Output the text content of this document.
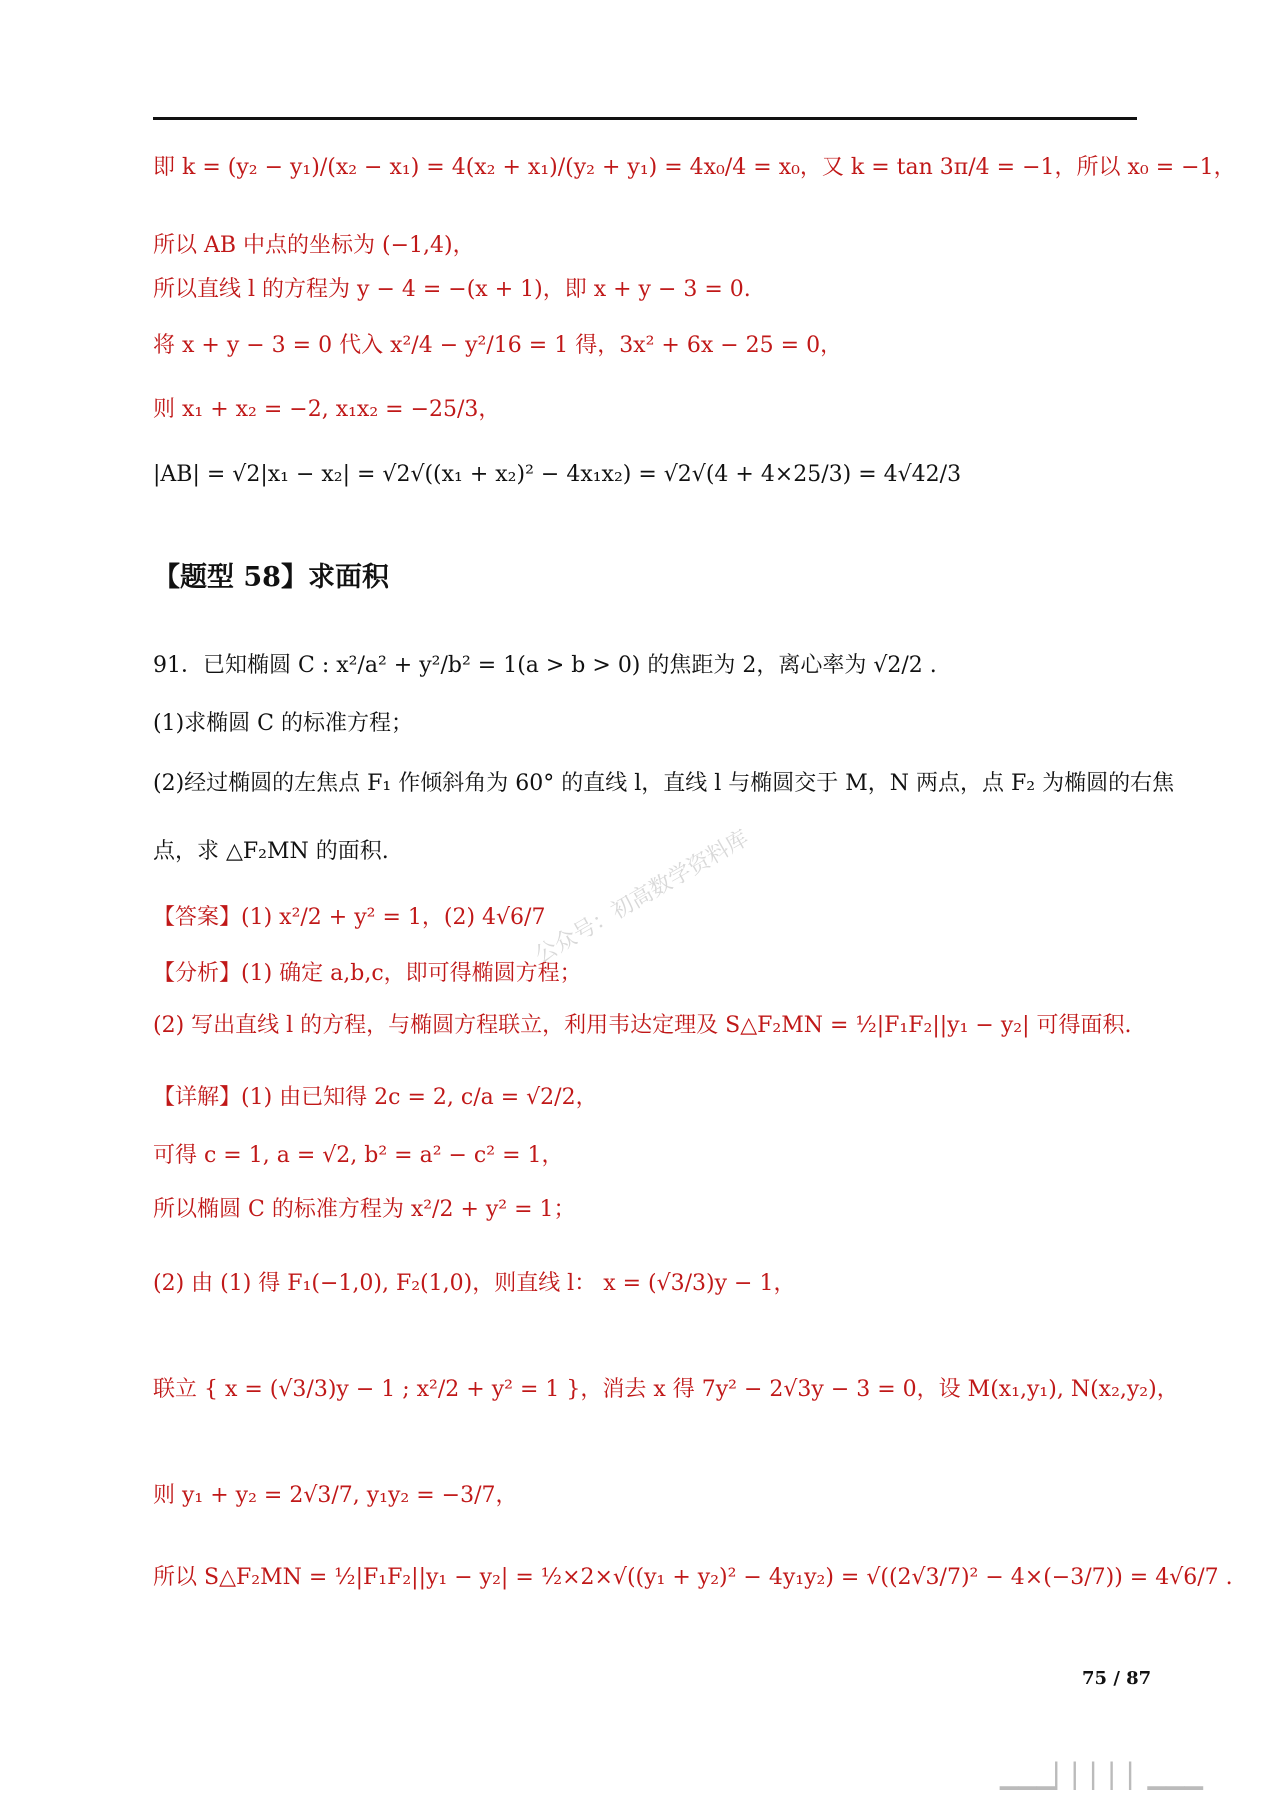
即 k = (y₂ − y₁)/(x₂ − x₁) = 4(x₂ + x₁)/(y₂ + y₁) = 4x₀/4 = x₀，又 k = tan 3π/4 = −1，所以 x₀ = −1，
所以 AB 中点的坐标为 (−1,4)，
所以直线 l 的方程为 y − 4 = −(x + 1)，即 x + y − 3 = 0.
将 x + y − 3 = 0 代入 x²/4 − y²/16 = 1 得，3x² + 6x − 25 = 0，
则 x₁ + x₂ = −2, x₁x₂ = −25/3，
|AB| = √2|x₁ − x₂| = √2√((x₁ + x₂)² − 4x₁x₂) = √2√(4 + 4×25/3) = 4√42/3
【题型 58】求面积
91．已知椭圆 C : x²/a² + y²/b² = 1(a > b > 0) 的焦距为 2，离心率为 √2/2 .
(1)求椭圆 C 的标准方程；
(2)经过椭圆的左焦点 F₁ 作倾斜角为 60° 的直线 l，直线 l 与椭圆交于 M，N 两点，点 F₂ 为椭圆的右焦
点，求 △F₂MN 的面积.
【答案】(1) x²/2 + y² = 1，(2) 4√6/7
【分析】(1) 确定 a,b,c，即可得椭圆方程；
(2) 写出直线 l 的方程，与椭圆方程联立，利用韦达定理及 S△F₂MN = ½|F₁F₂||y₁ − y₂| 可得面积.
【详解】(1) 由已知得 2c = 2, c/a = √2/2，
可得 c = 1, a = √2, b² = a² − c² = 1，
所以椭圆 C 的标准方程为 x²/2 + y² = 1；
(2) 由 (1) 得 F₁(−1,0), F₂(1,0)，则直线 l： x = (√3/3)y − 1，
联立 { x = (√3/3)y − 1 ; x²/2 + y² = 1 }，消去 x 得 7y² − 2√3y − 3 = 0，设 M(x₁,y₁), N(x₂,y₂)，
则 y₁ + y₂ = 2√3/7, y₁y₂ = −3/7，
所以 S△F₂MN = ½|F₁F₂||y₁ − y₂| = ½×2×√((y₁ + y₂)² − 4y₁y₂) = √((2√3/7)² − 4×(−3/7)) = 4√6/7 .
公众号：初高数学资料库
75 / 87
▁▁▁▏▏▏▏▏▁▁▁
